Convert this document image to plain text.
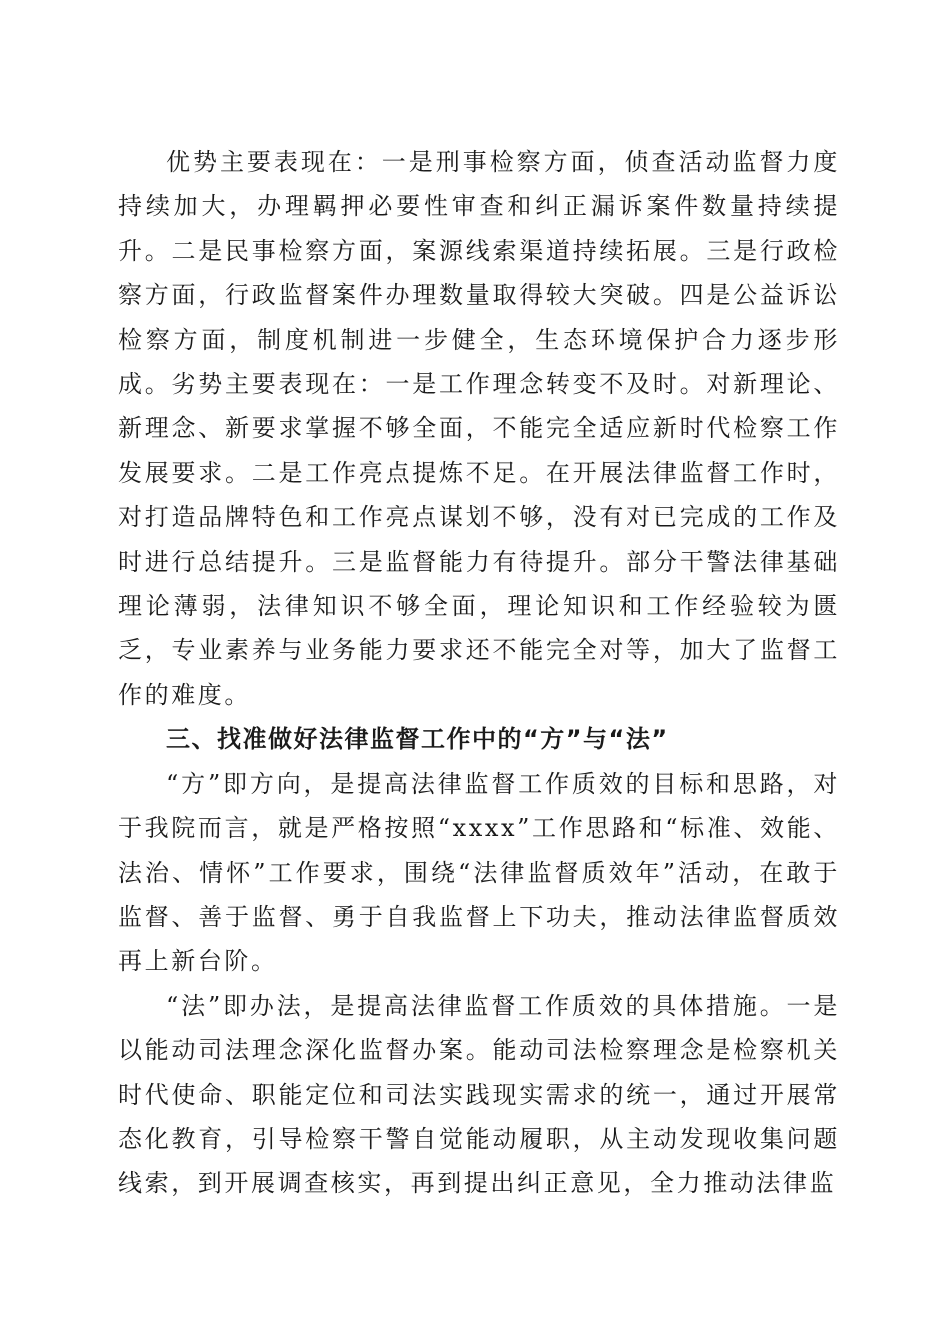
优势主要表现在：一是刑事检察方面，侦查活动监督力度持续加大，办理羁押必要性审查和纠正漏诉案件数量持续提升。二是民事检察方面，案源线索渠道持续拓展。三是行政检察方面，行政监督案件办理数量取得较大突破。四是公益诉讼检察方面，制度机制进一步健全，生态环境保护合力逐步形成。劣势主要表现在：一是工作理念转变不及时。对新理论、新理念、新要求掌握不够全面，不能完全适应新时代检察工作发展要求。二是工作亮点提炼不足。在开展法律监督工作时，对打造品牌特色和工作亮点谋划不够，没有对已完成的工作及时进行总结提升。三是监督能力有待提升。部分干警法律基础理论薄弱，法律知识不够全面，理论知识和工作经验较为匮乏，专业素养与业务能力要求还不能完全对等，加大了监督工作的难度。

三、找准做好法律监督工作中的“方”与“法”

“方”即方向，是提高法律监督工作质效的目标和思路，对于我院而言，就是严格按照“xxxx”工作思路和“标准、效能、法治、情怀”工作要求，围绕“法律监督质效年”活动，在敢于监督、善于监督、勇于自我监督上下功夫，推动法律监督质效再上新台阶。

“法”即办法，是提高法律监督工作质效的具体措施。一是以能动司法理念深化监督办案。能动司法检察理念是检察机关时代使命、职能定位和司法实践现实需求的统一，通过开展常态化教育，引导检察干警自觉能动履职，从主动发现收集问题线索，到开展调查核实，再到提出纠正意见，全力推动法律监
